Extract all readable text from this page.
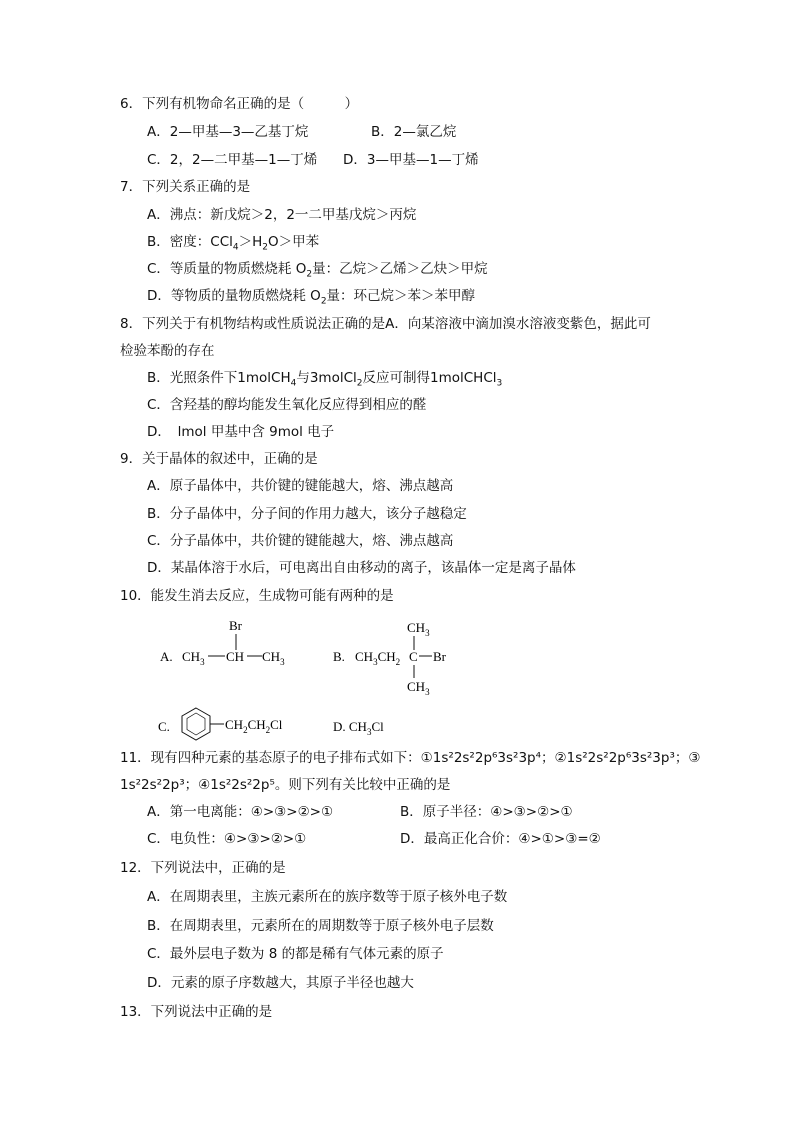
6．下列有机物命名正确的是（　　　）
A．2—甲基—3—乙基丁烷	B．2—氯乙烷
C．2，2—二甲基—1—丁烯 D．3—甲基—1—丁烯
7．下列关系正确的是
A．沸点：新戊烷＞2，2一二甲基戊烷＞丙烷
B．密度：$CCl_4>H_2O>$甲苯
C．等质量的物质燃烧耗 $O_2$量：乙烷＞乙烯＞乙炔＞甲烷
D．等物质的量物质燃烧耗 $O_2$量：环己烷＞苯＞苯甲醇
8．下列关于有机物结构或性质说法正确的是A．向某溶液中滴加溴水溶液变紫色，据此可
检验苯酚的存在
B．光照条件下1molCH$_4$与3molCl$_2$反应可制得1molCHCl$_3$
C．含羟基的醇均能发生氧化反应得到相应的醛
D．　lmol 甲基中含 9mol 电子
9．关于晶体的叙述中，正确的是
A．原子晶体中，共价键的键能越大，熔、沸点越高
B．分子晶体中，分子间的作用力越大，该分子越稳定
C．分子晶体中，共价键的键能越大，熔、沸点越高
D．某晶体溶于水后，可电离出自由移动的离子，该晶体一定是离子晶体
10．能发生消去反应，生成物可能有两种的是
A. $CH_3$ CH $CH_3$
Br
B. $CH_3CH_2$ C Br
$CH_3$
$CH_3$
C.	$CH_2CH_2Cl$	D. $CH_3Cl$
11．现有四种元素的基态原子的电子排布式如下：①1s²2s²2p⁶3s²3p⁴；②1s²2s²2p⁶3s²3p³；③
1s²2s²2p³；④1s²2s²2p⁵。则下列有关比较中正确的是
A．第一电离能：④>③>②>①	B．原子半径：④>③>②>①
C．电负性：④>③>②>①	D．最高正化合价：④>①>③=②
12．下列说法中，正确的是
A．在周期表里，主族元素所在的族序数等于原子核外电子数
B．在周期表里，元素所在的周期数等于原子核外电子层数
C．最外层电子数为 8 的都是稀有气体元素的原子
D．元素的原子序数越大，其原子半径也越大
13．下列说法中正确的是
